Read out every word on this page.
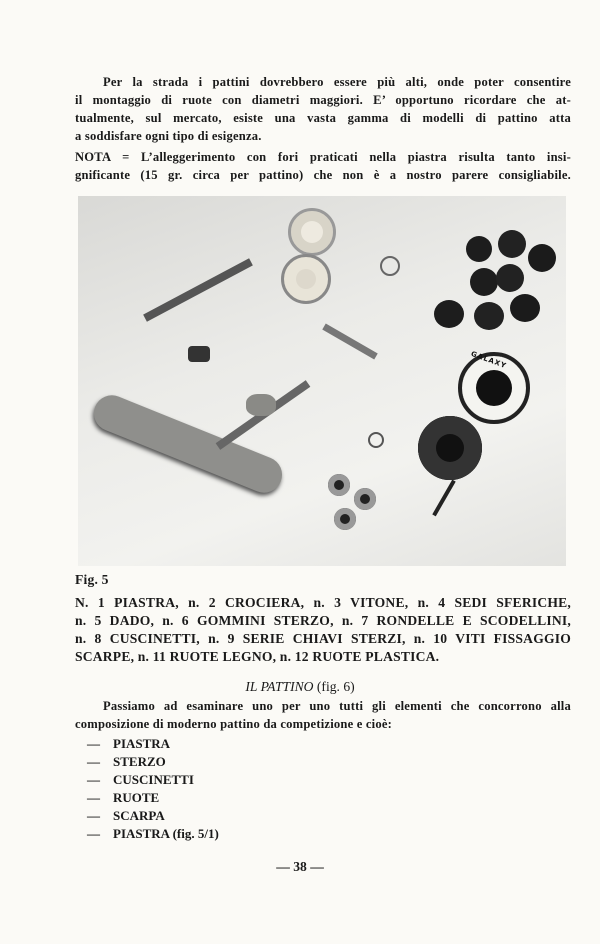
Per la strada i pattini dovrebbero essere più alti, onde poter consentire
il montaggio di ruote con diametri maggiori. E’ opportuno ricordare che at-
tualmente, sul mercato, esiste una vasta gamma di modelli di pattino atta
a soddisfare ogni tipo di esigenza.
NOTA = L’alleggerimento con fori praticati nella piastra risulta tanto insi-
gnificante (15 gr. circa per pattino) che non è a nostro parere consigliabile.
GALAXY
Fig. 5
N. 1 PIASTRA, n. 2 CROCIERA, n. 3 VITONE, n. 4 SEDI SFERICHE,
n. 5 DADO, n. 6 GOMMINI STERZO, n. 7 RONDELLE E SCODELLINI,
n. 8 CUSCINETTI, n. 9 SERIE CHIAVI STERZI, n. 10 VITI FISSAGGIO
SCARPE, n. 11 RUOTE LEGNO, n. 12 RUOTE PLASTICA.
IL PATTINO (fig. 6)
Passiamo ad esaminare uno per uno tutti gli elementi che concorrono alla
composizione di moderno pattino da competizione e cioè:
— PIASTRA
— STERZO
— CUSCINETTI
— RUOTE
— SCARPA
— PIASTRA (fig. 5/1)
— 38 —
